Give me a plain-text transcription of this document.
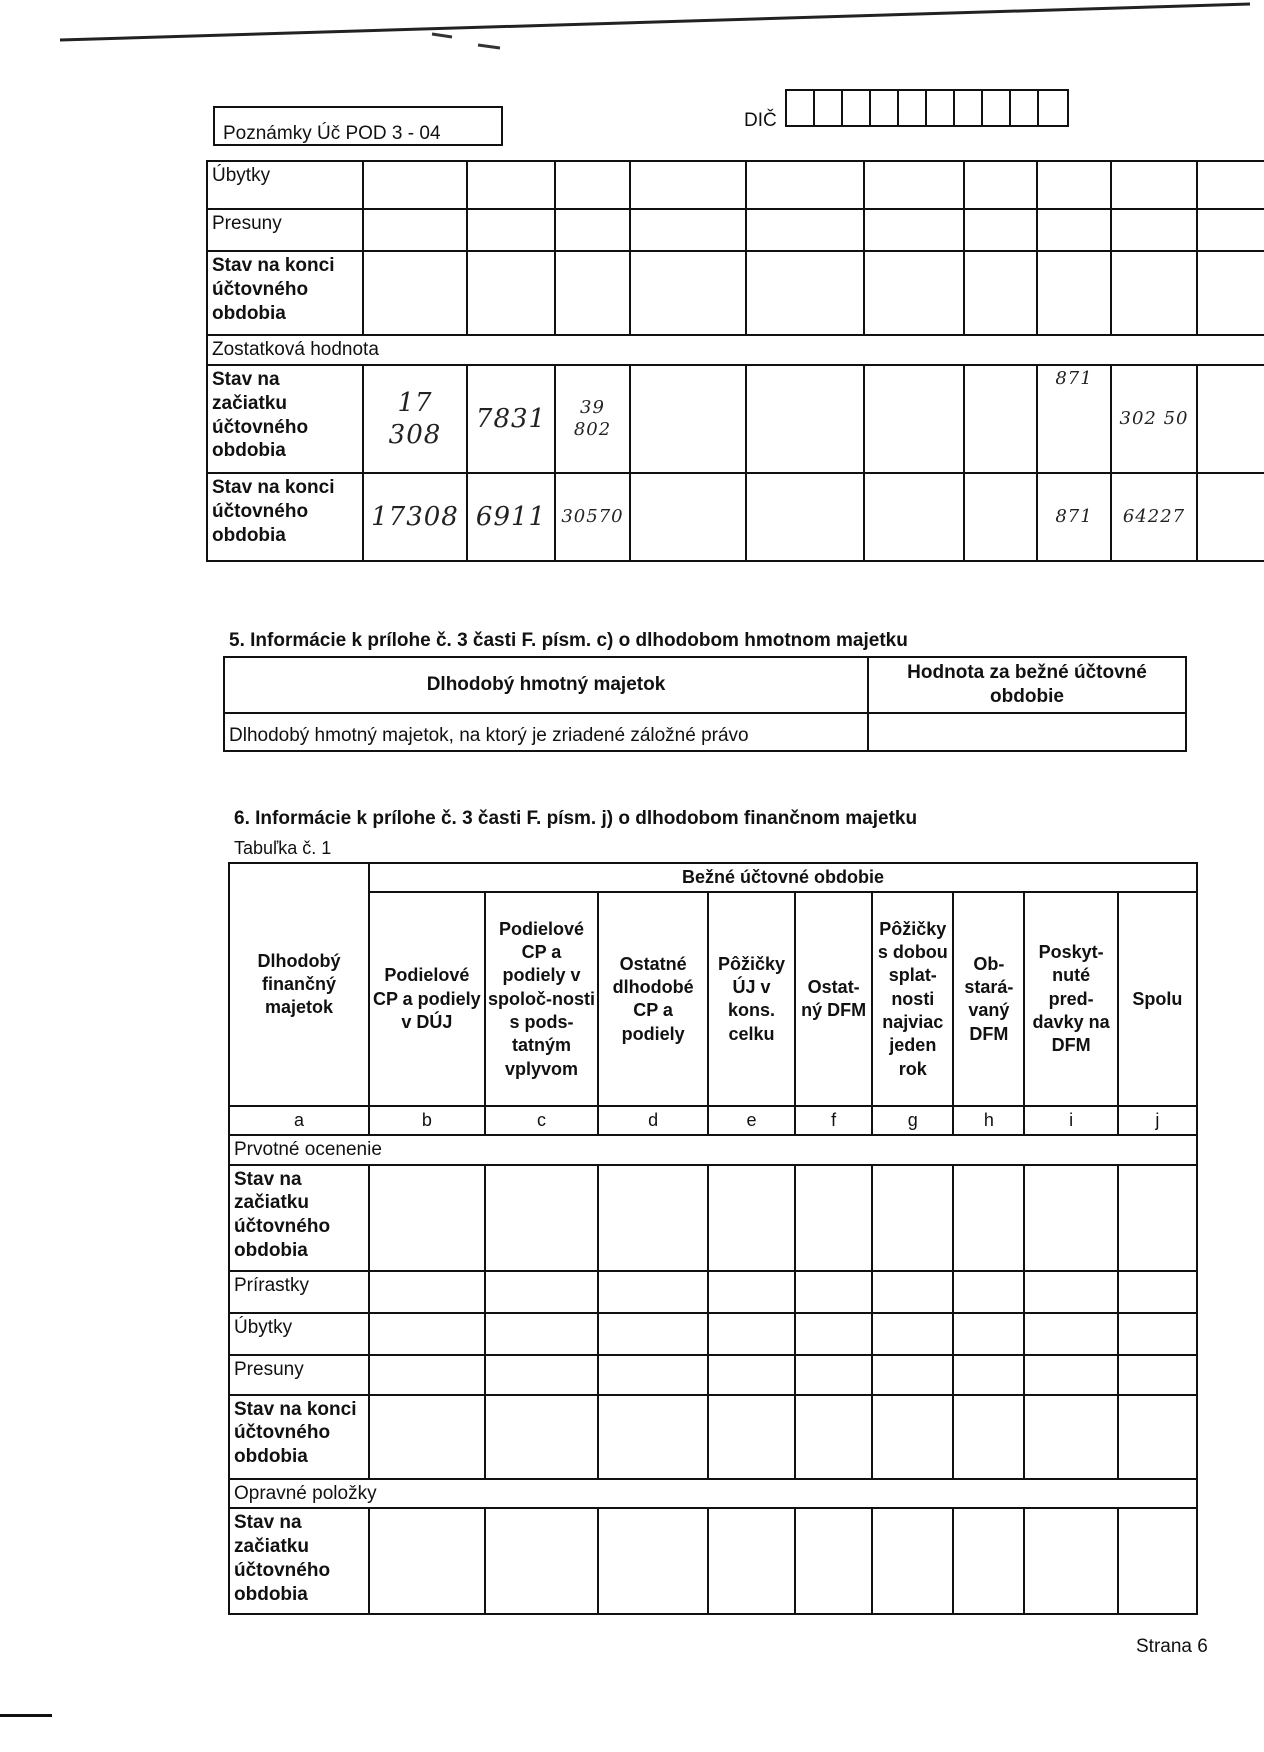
Poznámky Úč POD 3 - 04
DIČ
Úbytky											
Presuny											
Stav na konci účtovného obdobia											
Zostatková hodnota											
Stav na začiatku účtovného obdobia	17 308	7831	39 802					871	302 50		
Stav na konci účtovného obdobia	17308	6911	30570					871	64227		
5. Informácie k prílohe č. 3 časti F. písm. c) o dlhodobom hmotnom majetku
Dlhodobý hmotný majetok	Hodnota za bežné účtovné obdobie
Dlhodobý hmotný majetok, na ktorý je zriadené záložné právo	
6. Informácie k prílohe č. 3 časti F. písm. j) o dlhodobom finančnom majetku
Tabuľka č. 1
Dlhodobý finančný majetok	Bežné účtovné obdobie								
	Podielové CP a podiely v DÚJ	Podielové CP a podiely v spoloč-nosti s pods-tatným vplyvom	Ostatné dlhodobé CP a podiely	Pôžičky ÚJ v kons. celku	Ostat-ný DFM	Pôžičky s dobou splat-nosti najviac jeden rok	Ob-stará-vaný DFM	Poskyt-nuté pred-davky na DFM	Spolu
a	b	c	d	e	f	g	h	i	j
Prvotné ocenenie									
Stav na začiatku účtovného obdobia									
Prírastky									
Úbytky									
Presuny									
Stav na konci účtovného obdobia									
Opravné položky									
Stav na začiatku účtovného obdobia									
Strana 6
